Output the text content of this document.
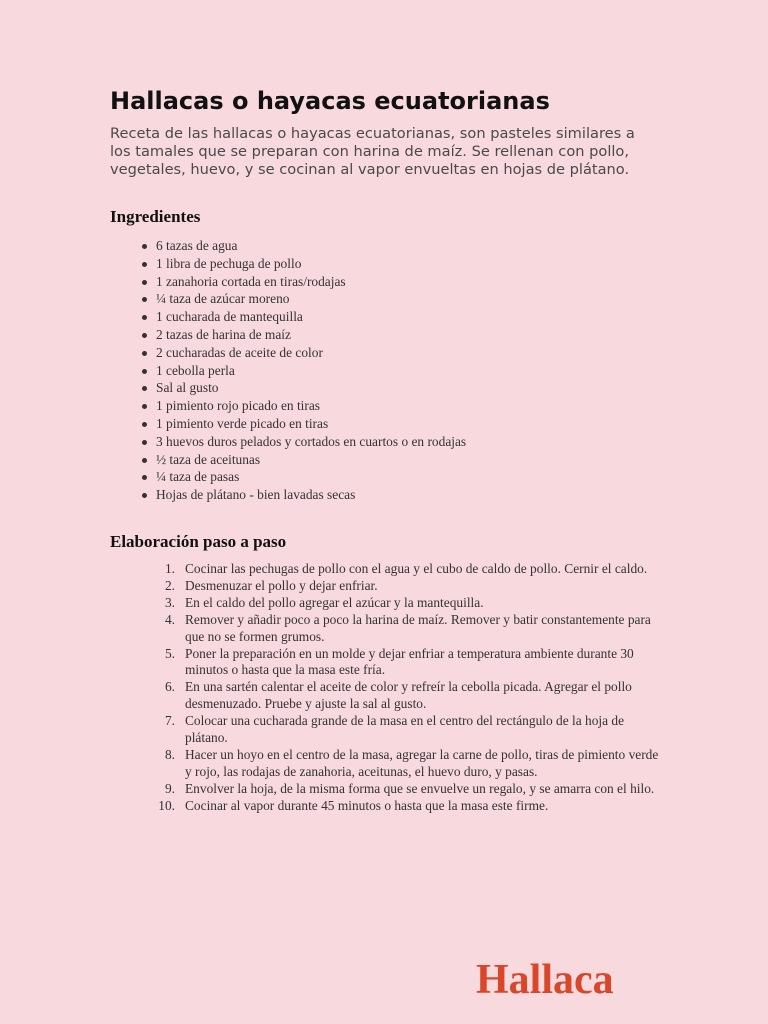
Hallacas o hayacas ecuatorianas

Receta de las hallacas o hayacas ecuatorianas, son pasteles similares a los tamales que se preparan con harina de maíz. Se rellenan con pollo, vegetales, huevo, y se cocinan al vapor envueltas en hojas de plátano.

Ingredientes
6 tazas de agua
1 libra de pechuga de pollo
1 zanahoria cortada en tiras/rodajas
¼ taza de azúcar moreno
1 cucharada de mantequilla
2 tazas de harina de maíz
2 cucharadas de aceite de color
1 cebolla perla
Sal al gusto
1 pimiento rojo picado en tiras
1 pimiento verde picado en tiras
3 huevos duros pelados y cortados en cuartos o en rodajas
½ taza de aceitunas
¼ taza de pasas
Hojas de plátano - bien lavadas secas
Elaboración paso a paso
1. Cocinar las pechugas de pollo con el agua y el cubo de caldo de pollo. Cernir el caldo.
2. Desmenuzar el pollo y dejar enfriar.
3. En el caldo del pollo agregar el azúcar y la mantequilla.
4. Remover y añadir poco a poco la harina de maíz. Remover y batir constantemente para que no se formen grumos.
5. Poner la preparación en un molde y dejar enfriar a temperatura ambiente durante 30 minutos o hasta que la masa este fría.
6. En una sartén calentar el aceite de color y refreír la cebolla picada. Agregar el pollo desmenuzado. Pruebe y ajuste la sal al gusto.
7. Colocar una cucharada grande de la masa en el centro del rectángulo de la hoja de plátano.
8. Hacer un hoyo en el centro de la masa, agregar la carne de pollo, tiras de pimiento verde y rojo, las rodajas de zanahoria, aceitunas, el huevo duro, y pasas.
9. Envolver la hoja, de la misma forma que se envuelve un regalo, y se amarra con el hilo.
10. Cocinar al vapor durante 45 minutos o hasta que la masa este firme.
Hallaca
